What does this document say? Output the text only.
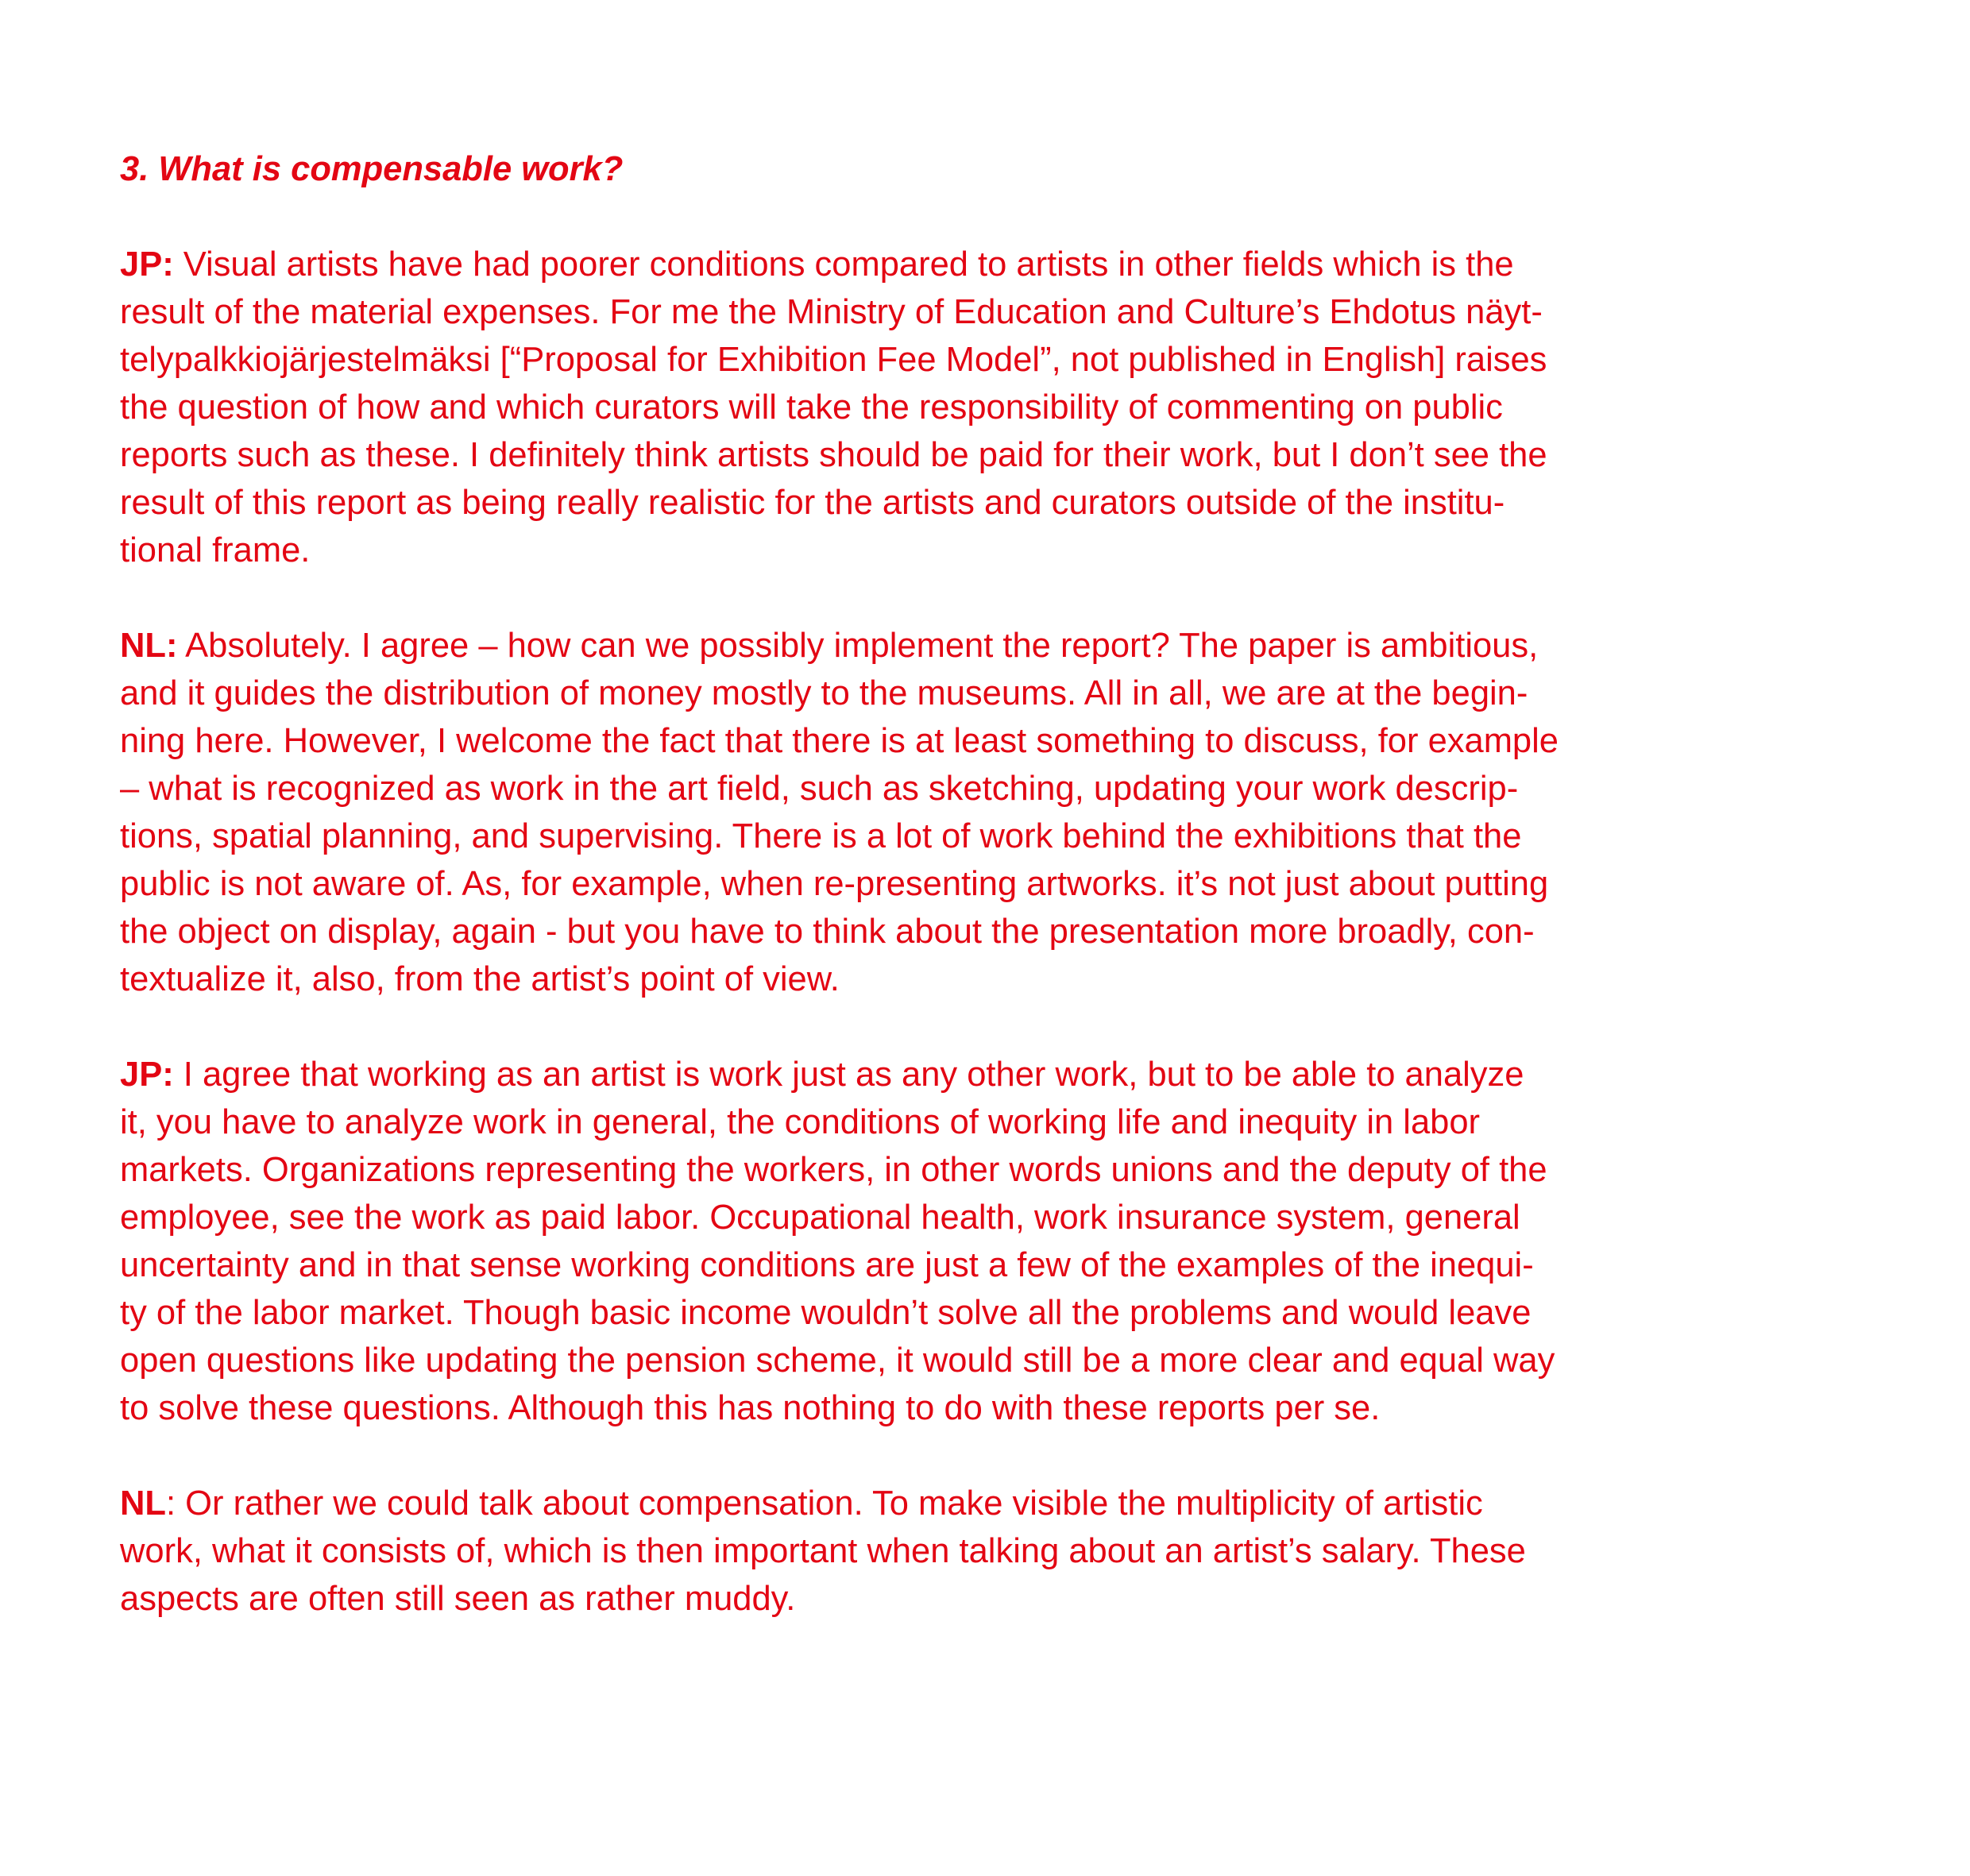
3. What is compensable work?
JP: Visual artists have had poorer conditions compared to artists in other fields which is the
result of the material expenses. For me the Ministry of Education and Culture’s Ehdotus näyt-
telypalkkiojärjestelmäksi [“Proposal for Exhibition Fee Model”, not published in English] raises
the question of how and which curators will take the responsibility of commenting on public
reports such as these. I definitely think artists should be paid for their work, but I don’t see the
result of this report as being really realistic for the artists and curators outside of the institu-
tional frame.
NL: Absolutely. I agree – how can we possibly implement the report? The paper is ambitious,
and it guides the distribution of money mostly to the museums. All in all, we are at the begin-
ning here. However, I welcome the fact that there is at least something to discuss, for example
– what is recognized as work in the art field, such as sketching, updating your work descrip-
tions, spatial planning, and supervising. There is a lot of work behind the exhibitions that the
public is not aware of. As, for example, when re-presenting artworks. it’s not just about putting
the object on display, again - but you have to think about the presentation more broadly, con-
textualize it, also, from the artist’s point of view.
JP: I agree that working as an artist is work just as any other work, but to be able to analyze
it, you have to analyze work in general, the conditions of working life and inequity in labor
markets. Organizations representing the workers, in other words unions and the deputy of the
employee, see the work as paid labor. Occupational health, work insurance system, general
uncertainty and in that sense working conditions are just a few of the examples of the inequi-
ty of the labor market. Though basic income wouldn’t solve all the problems and would leave
open questions like updating the pension scheme, it would still be a more clear and equal way
to solve these questions. Although this has nothing to do with these reports per se.
NL: Or rather we could talk about compensation. To make visible the multiplicity of artistic
work, what it consists of, which is then important when talking about an artist’s salary. These
aspects are often still seen as rather muddy.
